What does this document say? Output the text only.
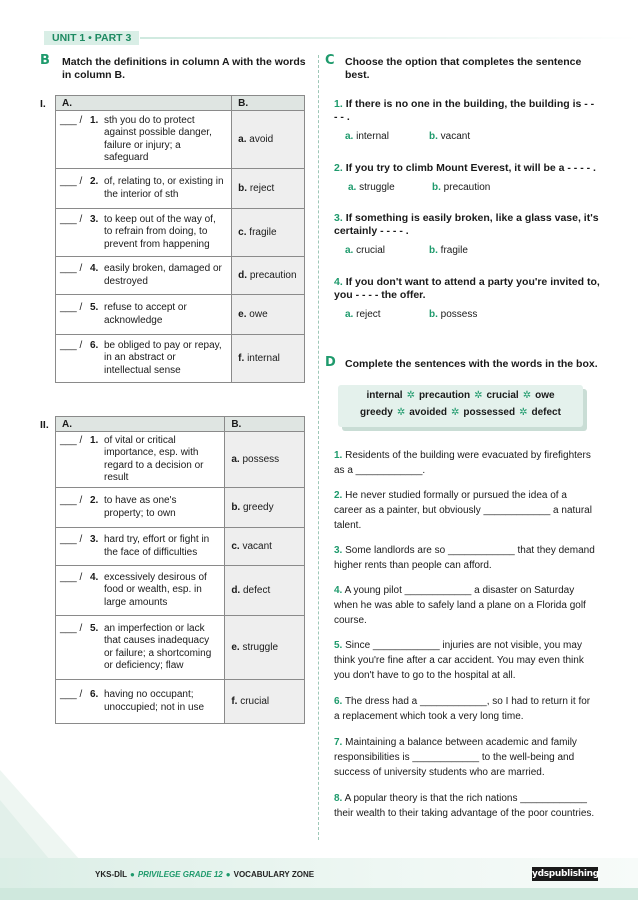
UNIT 1 • PART 3
B Match the definitions in column A with the words in column B.
I. A.	B.

___ / 1. sth you do to protect against possible danger, failure or injury; a safeguard	a. avoid

___ / 2. of, relating to, or existing in the interior of sth	b. reject

___ / 3. to keep out of the way of, to refrain from doing, to prevent from happening	c. fragile

___ / 4. easily broken, damaged or destroyed	d. precaution

___ / 5. refuse to accept or acknowledge	e. owe

___ / 6. be obliged to pay or repay, in an abstract or intellectual sense	f. internal
II. A.	B.

___ / 1. of vital or critical importance, esp. with regard to a decision or result	a. possess

___ / 2. to have as one's property; to own	b. greedy

___ / 3. hard try, effort or fight in the face of difficulties	c. vacant

___ / 4. excessively desirous of food or wealth, esp. in large amounts	d. defect

___ / 5. an imperfection or lack that causes inadequacy or failure; a shortcoming or deficiency; flaw	e. struggle

___ / 6. having no occupant; unoccupied; not in use	f. crucial
C Choose the option that completes the sentence best.
1. If there is no one in the building, the building is - - - - .
a. internal	b. vacant
2. If you try to climb Mount Everest, it will be a - - - - .
a. struggle	b. precaution
3. If something is easily broken, like a glass vase, it's certainly - - - - .
a. crucial	b. fragile
4. If you don't want to attend a party you're invited to, you - - - - the offer.
a. reject	b. possess
D Complete the sentences with the words in the box.
internal ✲ precaution ✲ crucial ✲ owe
greedy ✲ avoided ✲ possessed ✲ defect
1. Residents of the building were evacuated by firefighters as a ____________.
2. He never studied formally or pursued the idea of a career as a painter, but obviously ____________ a natural talent.
3. Some landlords are so ____________ that they demand higher rents than people can afford.
4. A young pilot ____________ a disaster on Saturday when he was able to safely land a plane on a Florida golf course.
5. Since ____________ injuries are not visible, you may think you're fine after a car accident. You may even think you don't have to go to the hospital at all.
6. The dress had a ____________, so I had to return it for a replacement which took a very long time.
7. Maintaining a balance between academic and family responsibilities is ____________ to the well-being and success of university students who are married.
8. A popular theory is that the rich nations ____________ their wealth to their taking advantage of the poor countries.
YKS-DİL ● PRIVILEGE GRADE 12 ● VOCABULARY ZONE	ydspublishing
